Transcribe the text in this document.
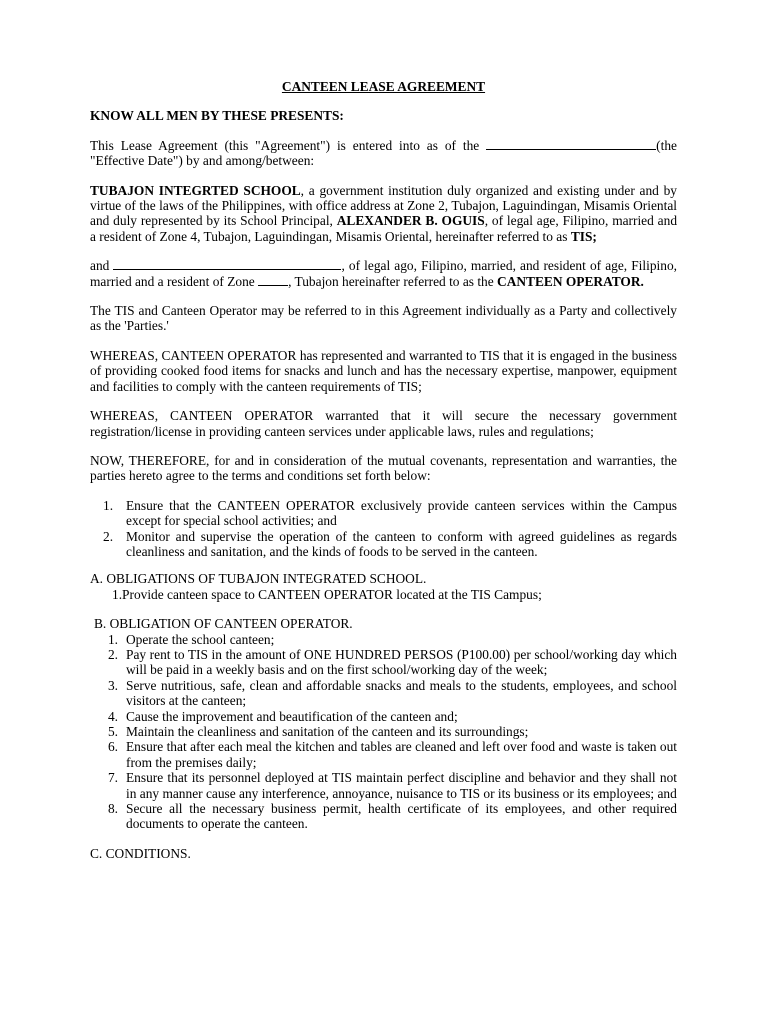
CANTEEN LEASE AGREEMENT
KNOW ALL MEN BY THESE PRESENTS:

This Lease Agreement (this "Agreement") is entered into as of the	(the "Effective Date") by and among/between:

TUBAJON INTEGRTED SCHOOL, a government institution duly organized and existing under and by virtue of the laws of the Philippines, with office address at Zone 2, Tubajon, Laguindingan, Misamis Oriental and duly represented by its School Principal, ALEXANDER B. OGUIS, of legal age, Filipino, married and a resident of Zone 4, Tubajon, Laguindingan, Misamis Oriental, hereinafter referred to as TIS;

and	, of legal ago, Filipino, married, and resident of age, Filipino, married and a resident of Zone , Tubajon hereinafter referred to as the CANTEEN OPERATOR.

The TIS and Canteen Operator may be referred to in this Agreement individually as a Party and collectively as the 'Parties.'

WHEREAS, CANTEEN OPERATOR has represented and warranted to TIS that it is engaged in the business of providing cooked food items for snacks and lunch and has the necessary expertise, manpower, equipment and facilities to comply with the canteen requirements of TIS;

WHEREAS, CANTEEN OPERATOR warranted that it will secure the necessary government registration/license in providing canteen services under applicable laws, rules and regulations;

NOW, THEREFORE, for and in consideration of the mutual covenants, representation and warranties, the parties hereto agree to the terms and conditions set forth below:

1. Ensure that the CANTEEN OPERATOR exclusively provide canteen services within the Campus except for special school activities; and
2. Monitor and supervise the operation of the canteen to conform with agreed guidelines as regards cleanliness and sanitation, and the kinds of foods to be served in the canteen.
A. OBLIGATIONS OF TUBAJON INTEGRATED SCHOOL.
1.Provide canteen space to CANTEEN OPERATOR located at the TIS Campus;
B. OBLIGATION OF CANTEEN OPERATOR.
1. Operate the school canteen;
2. Pay rent to TIS in the amount of ONE HUNDRED PERSOS (P100.00) per school/working day which will be paid in a weekly basis and on the first school/working day of the week;
3. Serve nutritious, safe, clean and affordable snacks and meals to the students, employees, and school visitors at the canteen;
4. Cause the improvement and beautification of the canteen and;
5. Maintain the cleanliness and sanitation of the canteen and its surroundings;
6. Ensure that after each meal the kitchen and tables are cleaned and left over food and waste is taken out from the premises daily;
7. Ensure that its personnel deployed at TIS maintain perfect discipline and behavior and they shall not in any manner cause any interference, annoyance, nuisance to TIS or its business or its employees; and
8. Secure all the necessary business permit, health certificate of its employees, and other required documents to operate the canteen.
C. CONDITIONS.
